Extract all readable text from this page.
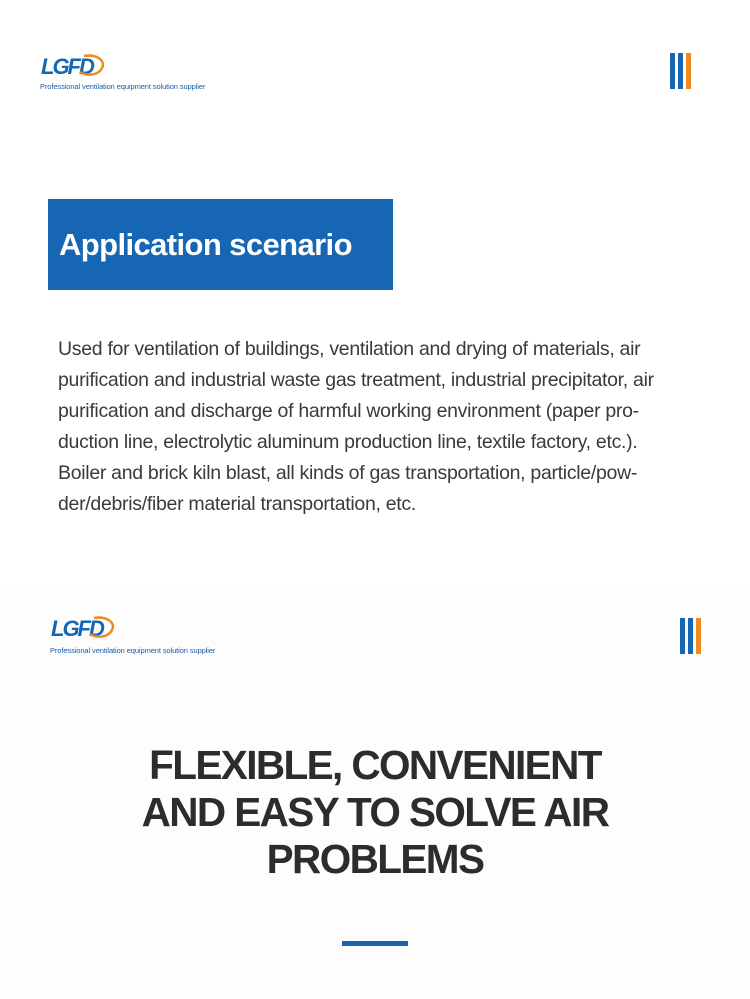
LGFD
Professional ventilation equipment solution supplier
Application scenario

Used for ventilation of buildings, ventilation and drying of materials, air
purification and industrial waste gas treatment, industrial precipitator, air
purification and discharge of harmful working environment (paper pro-
duction line, electrolytic aluminum production line, textile factory, etc.).
Boiler and brick kiln blast, all kinds of gas transportation, particle/pow-
der/debris/fiber material transportation, etc.

LGFD
Professional ventilation equipment solution supplier
FLEXIBLE, CONVENIENT
AND EASY TO SOLVE AIR
PROBLEMS
